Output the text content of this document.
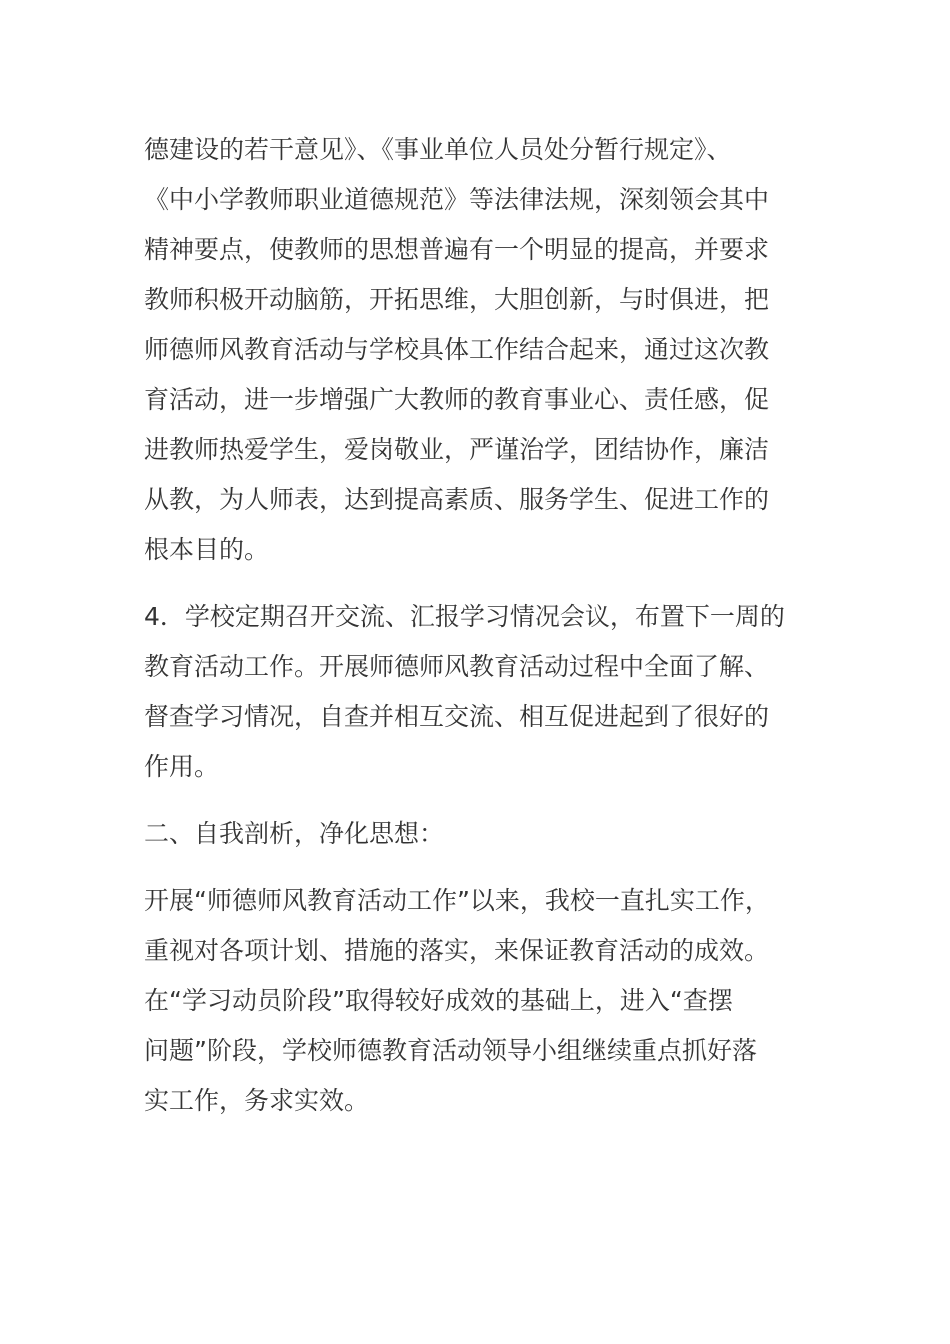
德建设的若干意见》、《事业单位人员处分暂行规定》、
《中小学教师职业道德规范》等法律法规，深刻领会其中
精神要点，使教师的思想普遍有一个明显的提高，并要求
教师积极开动脑筋，开拓思维，大胆创新，与时俱进，把
师德师风教育活动与学校具体工作结合起来，通过这次教
育活动，进一步增强广大教师的教育事业心、责任感，促
进教师热爱学生，爱岗敬业，严谨治学，团结协作，廉洁
从教，为人师表，达到提高素质、服务学生、促进工作的
根本目的。
4．学校定期召开交流、汇报学习情况会议，布置下一周的
教育活动工作。开展师德师风教育活动过程中全面了解、
督查学习情况，自查并相互交流、相互促进起到了很好的
作用。
二、自我剖析，净化思想：
开展“师德师风教育活动工作”以来，我校一直扎实工作，
重视对各项计划、措施的落实，来保证教育活动的成效。
在“学习动员阶段”取得较好成效的基础上，进入“查摆
问题”阶段，学校师德教育活动领导小组继续重点抓好落
实工作，务求实效。
